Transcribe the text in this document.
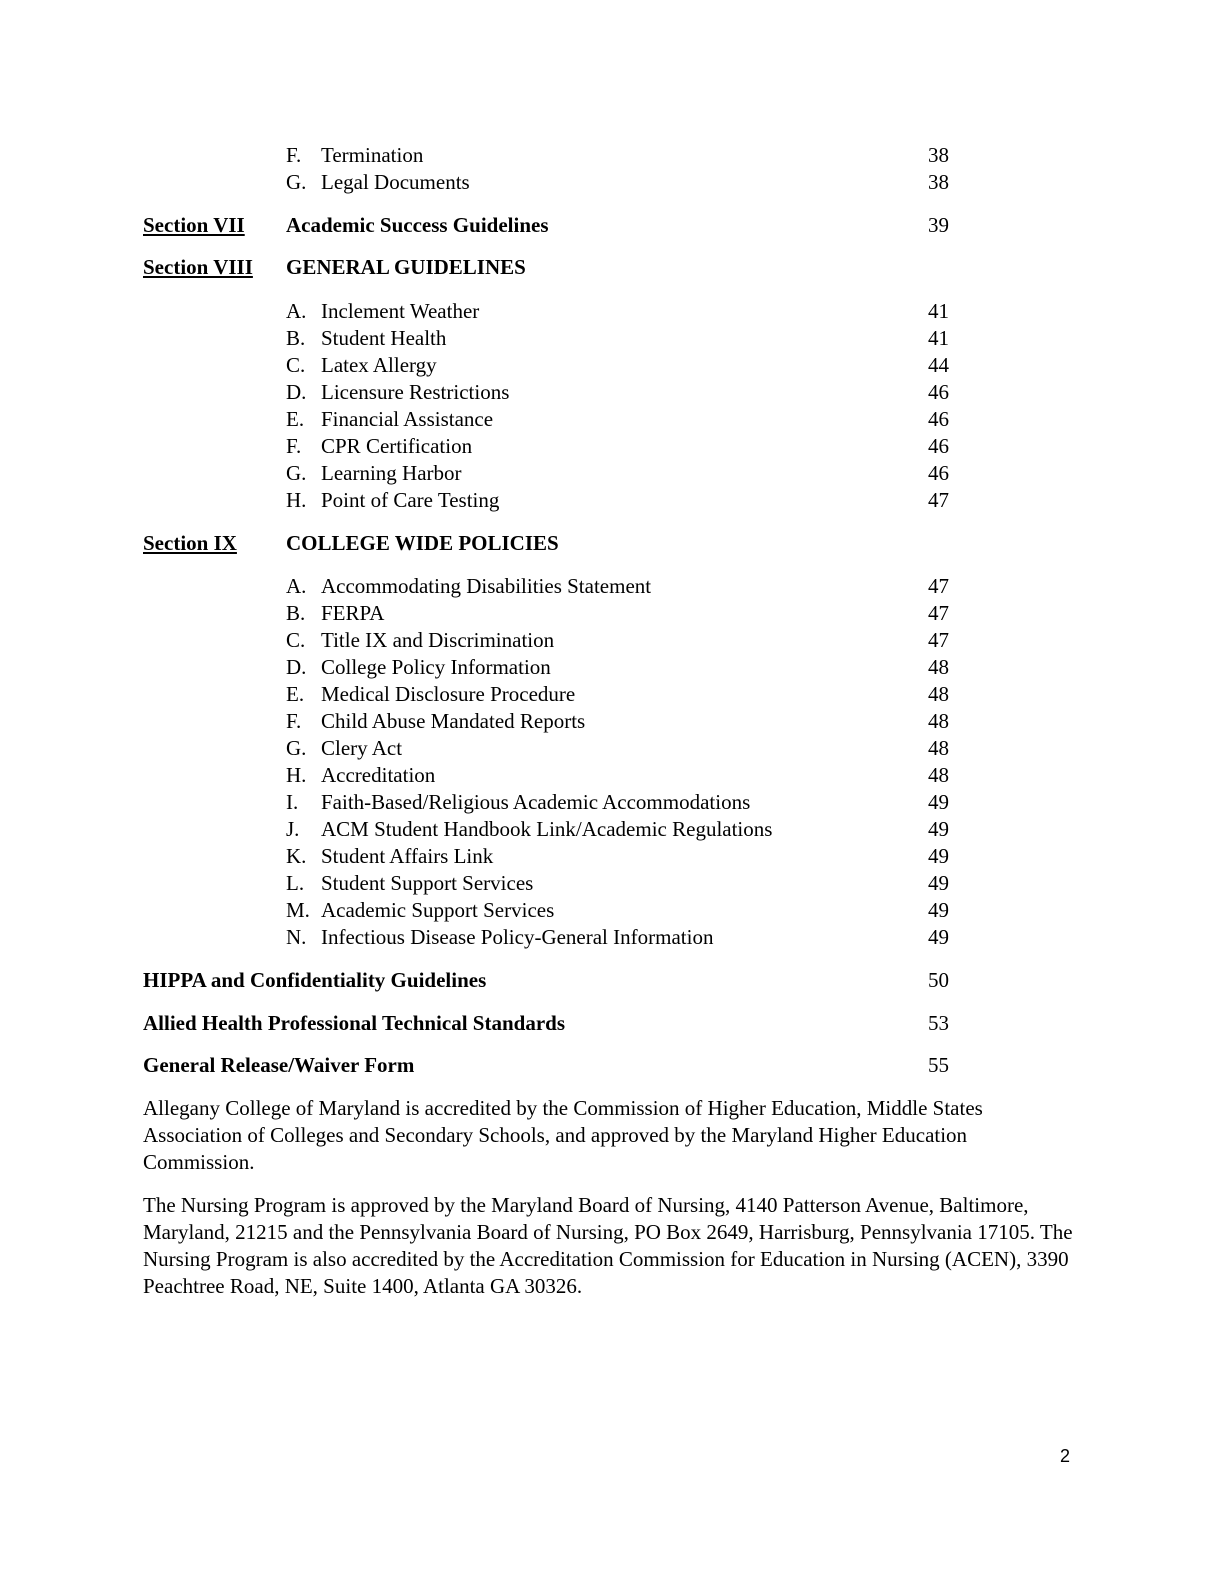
F. Termination	38
G. Legal Documents	38
Section VII Academic Success Guidelines	39
Section VIII GENERAL GUIDELINES
A. Inclement Weather	41
B. Student Health	41
C. Latex Allergy	44
D. Licensure Restrictions	46
E. Financial Assistance	46
F. CPR Certification	46
G. Learning Harbor	46
H. Point of Care Testing	47
Section IX COLLEGE WIDE POLICIES
A. Accommodating Disabilities Statement	47
B. FERPA	47
C. Title IX and Discrimination	47
D. College Policy Information	48
E. Medical Disclosure Procedure	48
F. Child Abuse Mandated Reports	48
G. Clery Act	48
H. Accreditation	48
I. Faith-Based/Religious Academic Accommodations	49
J. ACM Student Handbook Link/Academic Regulations	49
K. Student Affairs Link	49
L. Student Support Services	49
M. Academic Support Services	49
N. Infectious Disease Policy-General Information	49
HIPPA and Confidentiality Guidelines	50
Allied Health Professional Technical Standards	53
General Release/Waiver Form	55
Allegany College of Maryland is accredited by the Commission of Higher Education, Middle States Association of Colleges and Secondary Schools, and approved by the Maryland Higher Education Commission.
The Nursing Program is approved by the Maryland Board of Nursing, 4140 Patterson Avenue, Baltimore, Maryland, 21215 and the Pennsylvania Board of Nursing, PO Box 2649, Harrisburg, Pennsylvania 17105. The Nursing Program is also accredited by the Accreditation Commission for Education in Nursing (ACEN), 3390 Peachtree Road, NE, Suite 1400, Atlanta GA 30326.
2
